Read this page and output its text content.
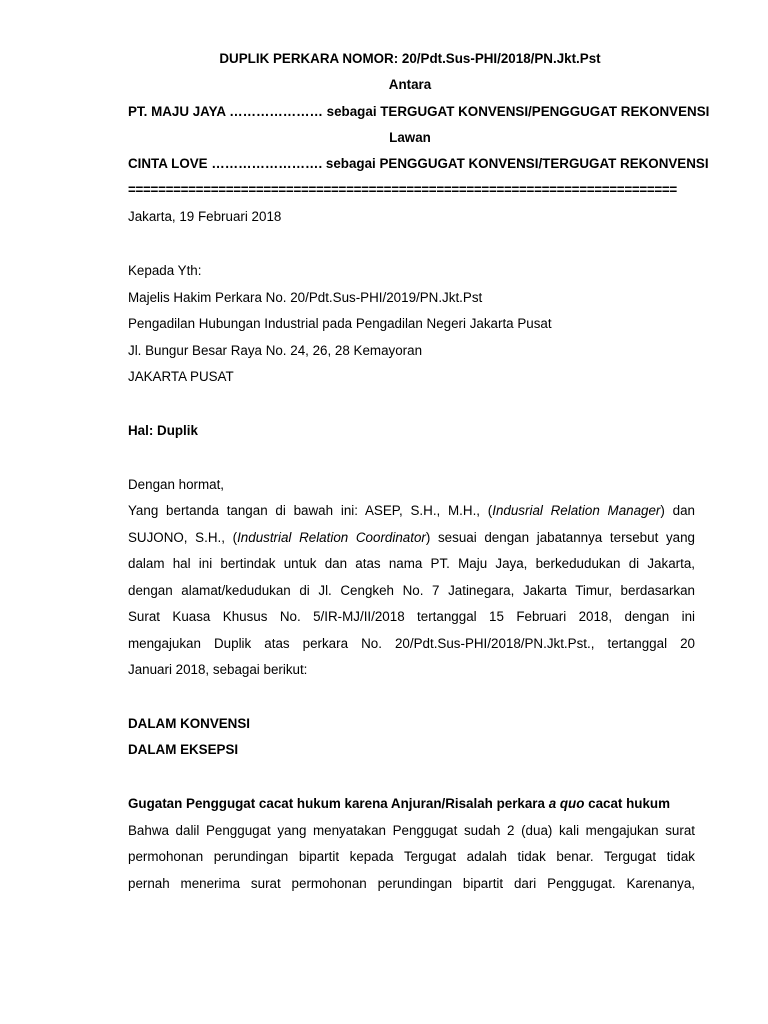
DUPLIK PERKARA NOMOR: 20/Pdt.Sus-PHI/2018/PN.Jkt.Pst
Antara
PT. MAJU JAYA ………………… sebagai TERGUGAT KONVENSI/PENGGUGAT REKONVENSI
Lawan
CINTA LOVE ……………………. sebagai PENGGUGAT KONVENSI/TERGUGAT REKONVENSI
=========================================================================
Jakarta, 19 Februari 2018
Kepada Yth:
Majelis Hakim Perkara No. 20/Pdt.Sus-PHI/2019/PN.Jkt.Pst
Pengadilan Hubungan Industrial pada Pengadilan Negeri Jakarta Pusat
Jl. Bungur Besar Raya No. 24, 26, 28 Kemayoran
JAKARTA PUSAT
Hal: Duplik
Dengan hormat,
Yang bertanda tangan di bawah ini: ASEP, S.H., M.H., (Indusrial Relation Manager) dan
SUJONO, S.H., (Industrial Relation Coordinator) sesuai dengan jabatannya tersebut yang
dalam hal ini bertindak untuk dan atas nama PT. Maju Jaya, berkedudukan di Jakarta,
dengan alamat/kedudukan di Jl. Cengkeh No. 7 Jatinegara, Jakarta Timur, berdasarkan
Surat Kuasa Khusus No. 5/IR-MJ/II/2018 tertanggal 15 Februari 2018, dengan ini
mengajukan Duplik atas perkara No. 20/Pdt.Sus-PHI/2018/PN.Jkt.Pst., tertanggal 20
Januari 2018, sebagai berikut:
DALAM KONVENSI
DALAM EKSEPSI
Gugatan Penggugat cacat hukum karena Anjuran/Risalah perkara a quo cacat hukum
Bahwa dalil Penggugat yang menyatakan Penggugat sudah 2 (dua) kali mengajukan surat
permohonan perundingan bipartit kepada Tergugat adalah tidak benar. Tergugat tidak
pernah menerima surat permohonan perundingan bipartit dari Penggugat. Karenanya,
